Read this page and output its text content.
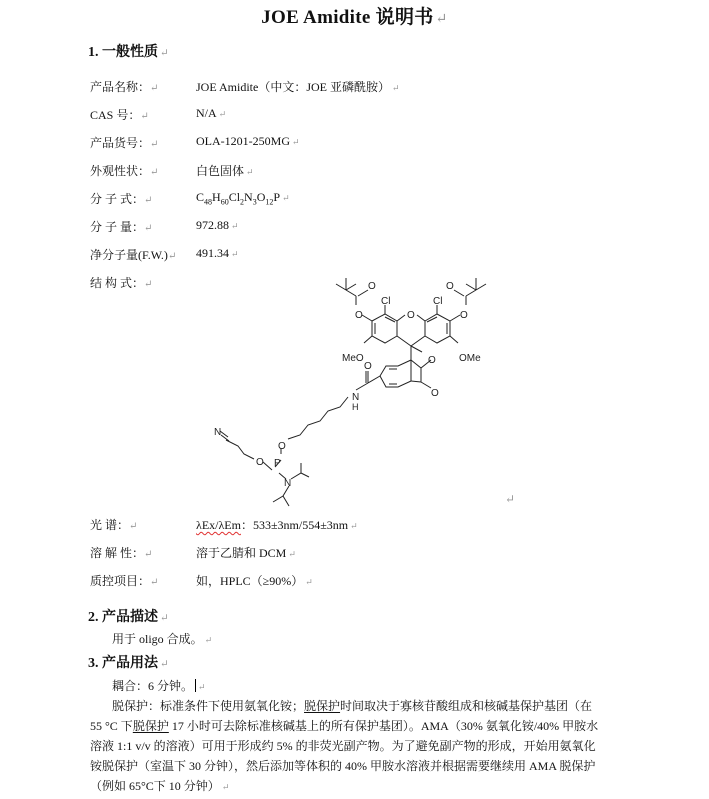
JOE Amidite 说明书 ↵
1. 一般性质 ↵
产品名称：↵	JOE Amidite（中文：JOE 亚磷酰胺） ↵
CAS 号：↵	N/A ↵
产品货号：↵	OLA-1201-250MG ↵
外观性状：↵	白色固体 ↵
分 子 式：↵	$C_{48}H_{60}Cl_2N_3O_{12}P$ ↵
分 子 量：↵	972.88 ↵
净分子量(F.W.)↵ 491.34 ↵
结 构 式：↵
Cl	Cl
O
O	O
O	O
MeO	OMe
O
O
O
N
H
N
O
O P
N
↵
光 谱：↵	λEx/λEm：533±3nm/554±3nm ↵
溶 解 性：↵	溶于乙腈和 DCM ↵
质控项目：↵	如，HPLC（≥90%） ↵
2. 产品描述 ↵
用于 oligo 合成。 ↵
3. 产品用法 ↵
耦合：6 分钟。 ↵
脱保护：标准条件下使用氨氧化铵；脱保护时间取决于寡核苷酸组成和核碱基保护基团（在
55 °C 下脱保护 17 小时可去除标准核碱基上的所有保护基团）。AMA（30% 氨氧化铵/40% 甲胺水
溶液 1:1 v/v 的溶液）可用于形成约 5% 的非荧光副产物。为了避免副产物的形成，开始用氨氧化
铵脱保护（室温下 30 分钟），然后添加等体积的 40% 甲胺水溶液并根据需要继续用 AMA 脱保护
（例如 65°C下 10 分钟） ↵
